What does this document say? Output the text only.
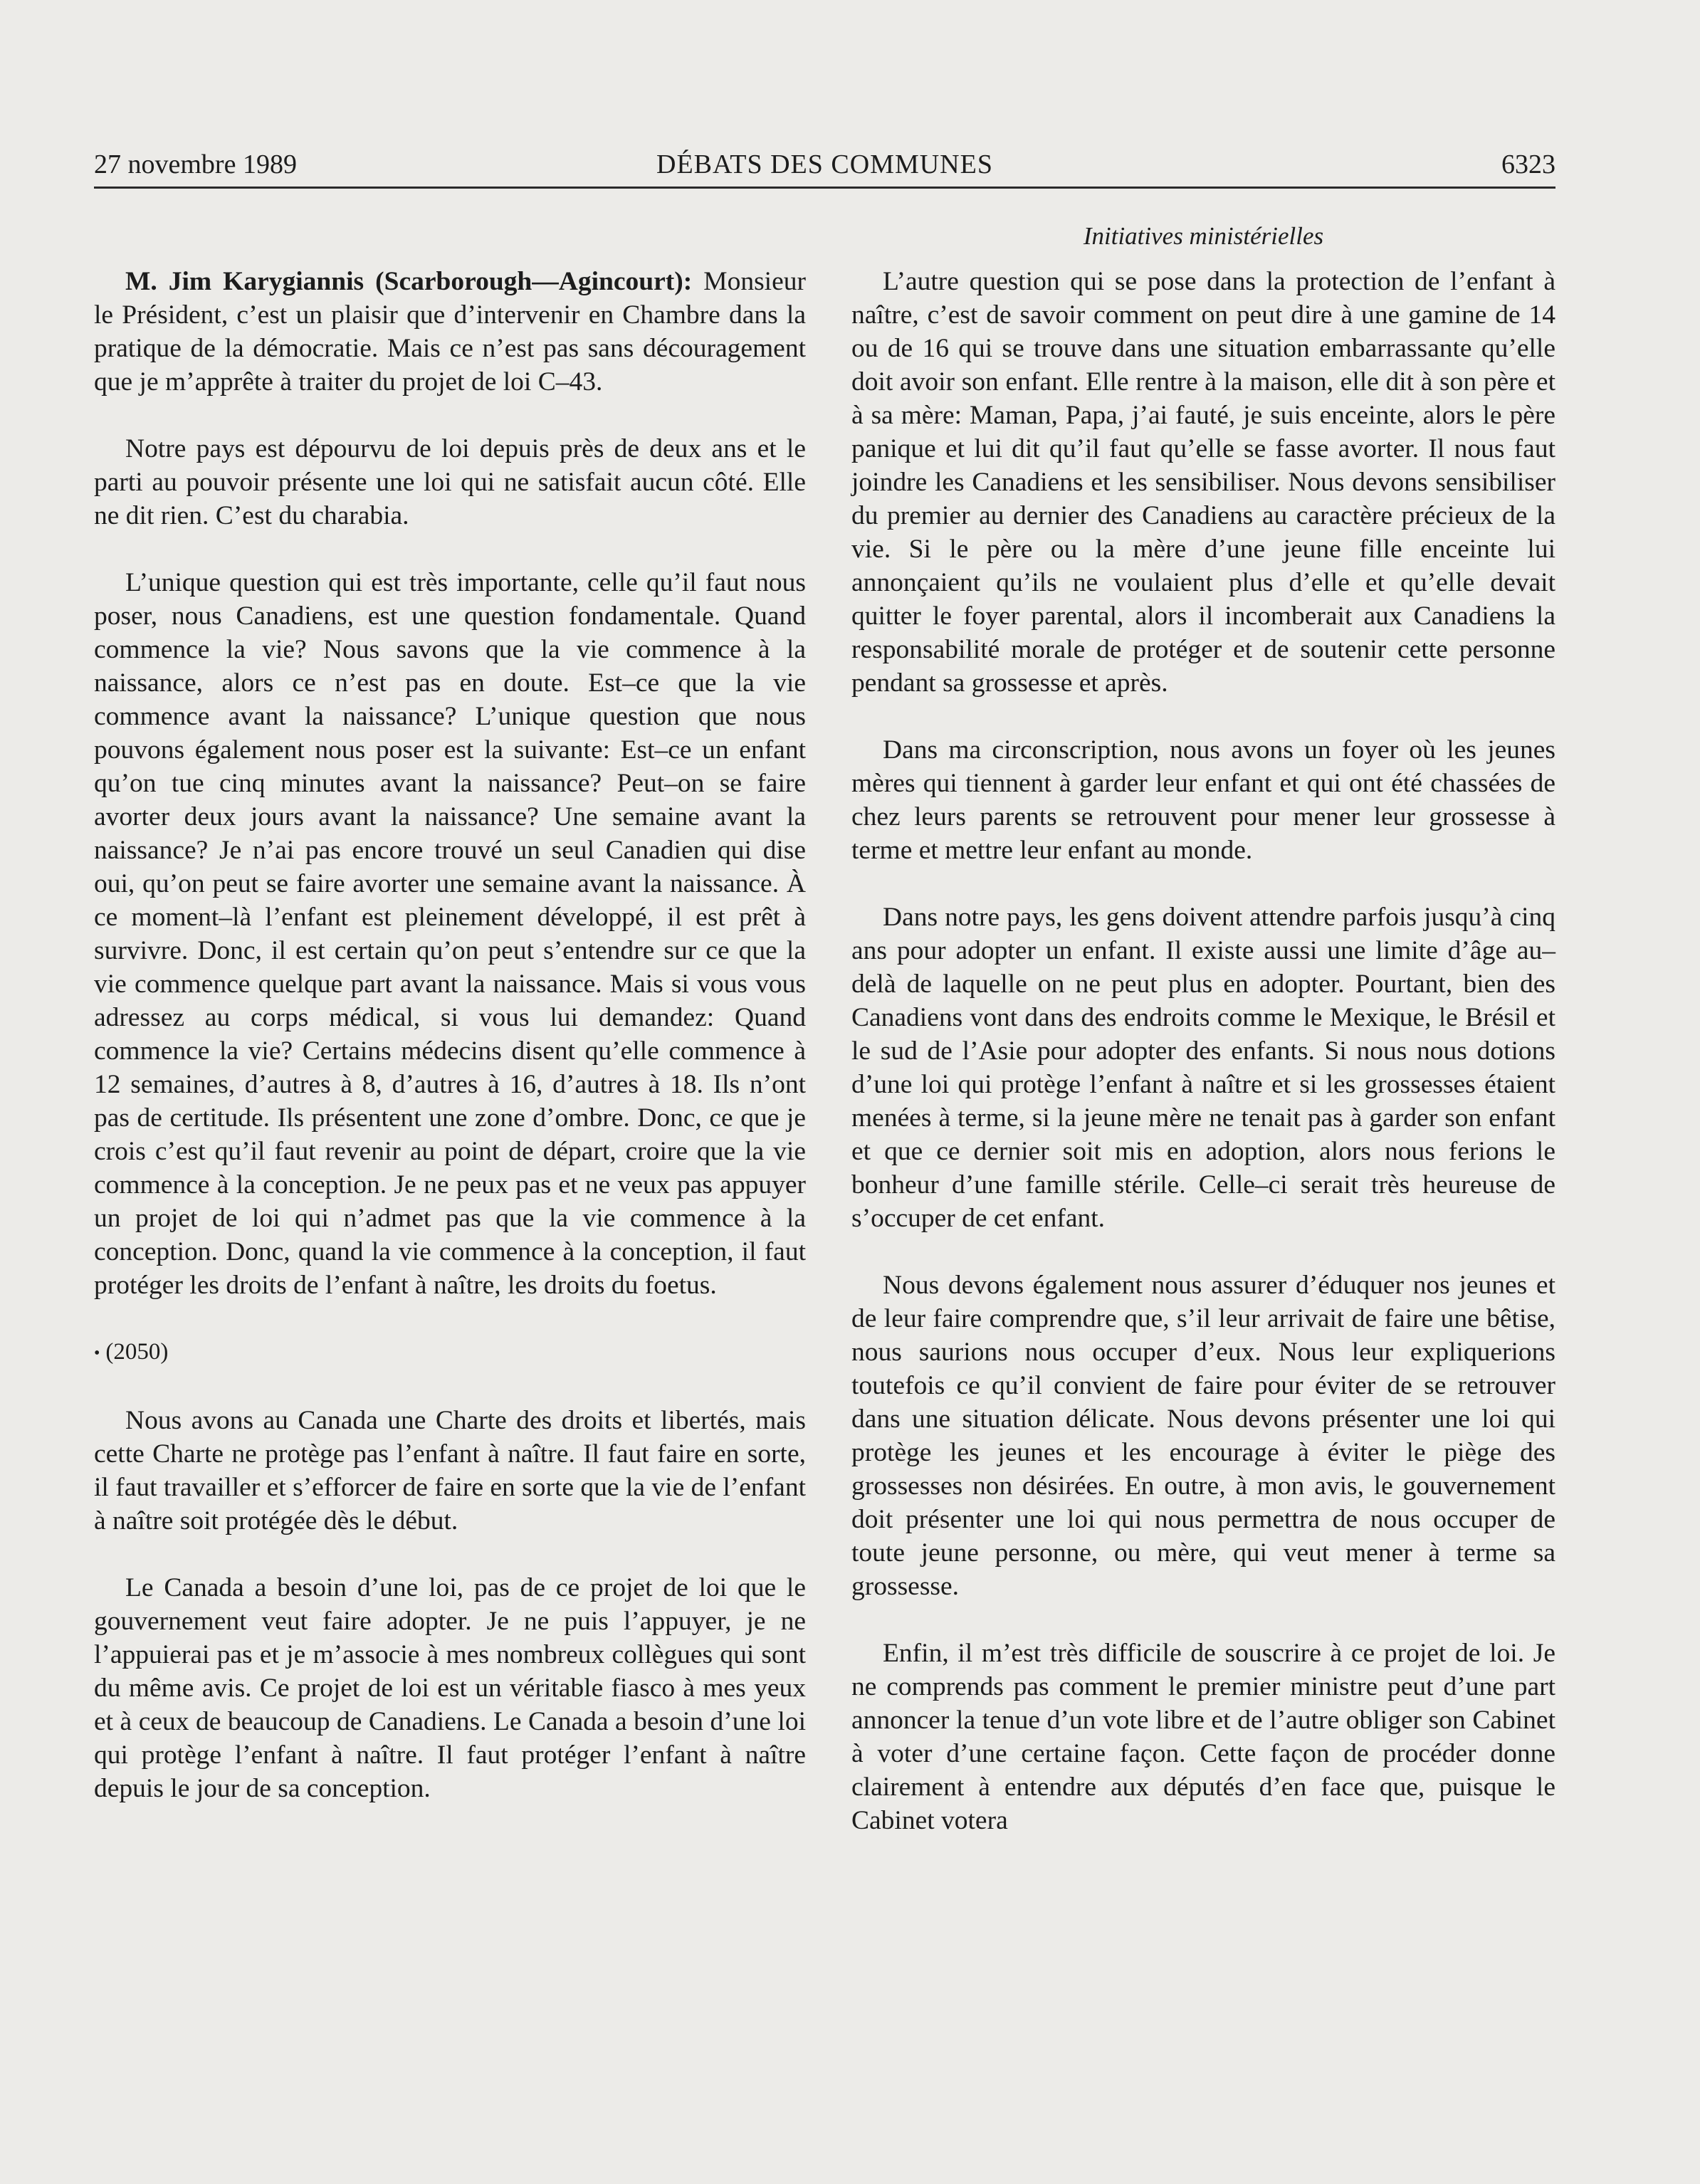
27 novembre 1989	DÉBATS DES COMMUNES	6323
Initiatives ministérielles

M. Jim Karygiannis (Scarborough—Agincourt): Monsieur le Président, c’est un plaisir que d’intervenir en Chambre dans la pratique de la démocratie. Mais ce n’est pas sans découragement que je m’apprête à traiter du projet de loi C–43.

Notre pays est dépourvu de loi depuis près de deux ans et le parti au pouvoir présente une loi qui ne satisfait aucun côté. Elle ne dit rien. C’est du charabia.

L’unique question qui est très importante, celle qu’il faut nous poser, nous Canadiens, est une question fondamentale. Quand commence la vie? Nous savons que la vie commence à la naissance, alors ce n’est pas en doute. Est–ce que la vie commence avant la naissance? L’unique question que nous pouvons également nous poser est la suivante: Est–ce un enfant qu’on tue cinq minutes avant la naissance? Peut–on se faire avorter deux jours avant la naissance? Une semaine avant la naissance? Je n’ai pas encore trouvé un seul Canadien qui dise oui, qu’on peut se faire avorter une semaine avant la naissance. À ce moment–là l’enfant est pleinement développé, il est prêt à survivre. Donc, il est certain qu’on peut s’entendre sur ce que la vie commence quelque part avant la naissance. Mais si vous vous adressez au corps médical, si vous lui demandez: Quand commence la vie? Certains médecins disent qu’elle commence à 12 semaines, d’autres à 8, d’autres à 16, d’autres à 18. Ils n’ont pas de certitude. Ils présentent une zone d’ombre. Donc, ce que je crois c’est qu’il faut revenir au point de départ, croire que la vie commence à la conception. Je ne peux pas et ne veux pas appuyer un projet de loi qui n’admet pas que la vie commence à la conception. Donc, quand la vie commence à la conception, il faut protéger les droits de l’enfant à naître, les droits du foetus.

• (2050)

Nous avons au Canada une Charte des droits et libertés, mais cette Charte ne protège pas l’enfant à naître. Il faut faire en sorte, il faut travailler et s’efforcer de faire en sorte que la vie de l’enfant à naître soit protégée dès le début.

Le Canada a besoin d’une loi, pas de ce projet de loi que le gouvernement veut faire adopter. Je ne puis l’appuyer, je ne l’appuierai pas et je m’associe à mes nombreux collègues qui sont du même avis. Ce projet de loi est un véritable fiasco à mes yeux et à ceux de beaucoup de Canadiens. Le Canada a besoin d’une loi qui protège l’enfant à naître. Il faut protéger l’enfant à naître depuis le jour de sa conception.

L’autre question qui se pose dans la protection de l’enfant à naître, c’est de savoir comment on peut dire à une gamine de 14 ou de 16 qui se trouve dans une situation embarrassante qu’elle doit avoir son enfant. Elle rentre à la maison, elle dit à son père et à sa mère: Maman, Papa, j’ai fauté, je suis enceinte, alors le père panique et lui dit qu’il faut qu’elle se fasse avorter. Il nous faut joindre les Canadiens et les sensibiliser. Nous devons sensibiliser du premier au dernier des Canadiens au caractère précieux de la vie. Si le père ou la mère d’une jeune fille enceinte lui annonçaient qu’ils ne voulaient plus d’elle et qu’elle devait quitter le foyer parental, alors il incomberait aux Canadiens la responsabilité morale de protéger et de soutenir cette personne pendant sa grossesse et après.

Dans ma circonscription, nous avons un foyer où les jeunes mères qui tiennent à garder leur enfant et qui ont été chassées de chez leurs parents se retrouvent pour mener leur grossesse à terme et mettre leur enfant au monde.

Dans notre pays, les gens doivent attendre parfois jusqu’à cinq ans pour adopter un enfant. Il existe aussi une limite d’âge au–delà de laquelle on ne peut plus en adopter. Pourtant, bien des Canadiens vont dans des endroits comme le Mexique, le Brésil et le sud de l’Asie pour adopter des enfants. Si nous nous dotions d’une loi qui protège l’enfant à naître et si les grossesses étaient menées à terme, si la jeune mère ne tenait pas à garder son enfant et que ce dernier soit mis en adoption, alors nous ferions le bonheur d’une famille stérile. Celle–ci serait très heureuse de s’occuper de cet enfant.

Nous devons également nous assurer d’éduquer nos jeunes et de leur faire comprendre que, s’il leur arrivait de faire une bêtise, nous saurions nous occuper d’eux. Nous leur expliquerions toutefois ce qu’il convient de faire pour éviter de se retrouver dans une situation délicate. Nous devons présenter une loi qui protège les jeunes et les encourage à éviter le piège des grossesses non désirées. En outre, à mon avis, le gouvernement doit présenter une loi qui nous permettra de nous occuper de toute jeune personne, ou mère, qui veut mener à terme sa grossesse.

Enfin, il m’est très difficile de souscrire à ce projet de loi. Je ne comprends pas comment le premier ministre peut d’une part annoncer la tenue d’un vote libre et de l’autre obliger son Cabinet à voter d’une certaine façon. Cette façon de procéder donne clairement à entendre aux députés d’en face que, puisque le Cabinet votera
